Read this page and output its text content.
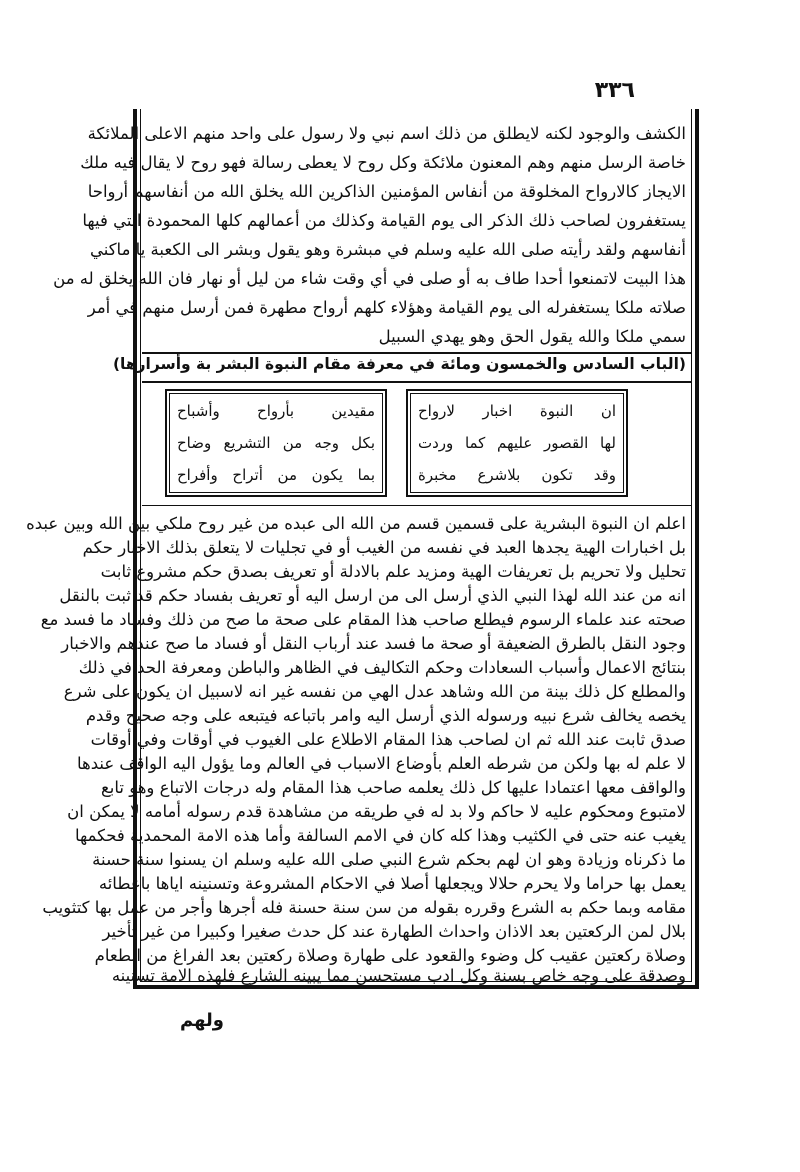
٣٣٦
الكشف والوجود لكنه لايطلق من ذلك اسم نبي ولا رسول على واحد منهم الاعلى الملائكة
خاصة الرسل منهم وهم المعنون ملائكة وكل روح لا يعطى رسالة فهو روح لا يقال فيه ملك
الايجاز كالارواح المخلوقة من أنفاس المؤمنين الذاكرين الله يخلق الله من أنفاسهم أرواحا
يستغفرون لصاحب ذلك الذكر الى يوم القيامة وكذلك من أعمالهم كلها المحمودة التي فيها
أنفاسهم ولقد رأيته صلى الله عليه وسلم في مبشرة وهو يقول وبشر الى الكعبة يا ماكني
هذا البيت لاتمنعوا أحدا طاف به أو صلى في أي وقت شاء من ليل أو نهار فان الله يخلق له من
صلاته ملكا يستغفرله الى يوم القيامة وهؤلاء كلهم أرواح مطهرة فمن أرسل منهم في أمر
سمي ملكا والله يقول الحق وهو يهدي السبيل
(الباب السادس والخمسون ومائة في معرفة مقام النبوة البشر بة وأسرارها)
ان النبوة اخبار لارواح
لها القصور عليهم كما وردت
وقد تكون بلاشرع مخبرة
مقيدين بأرواح وأشباح
بكل وجه من التشريع وضاح
بما يكون من أتراح وأفراح
اعلم ان النبوة البشرية على قسمين قسم من الله الى عبده من غير روح ملكي بين الله وبين عبده
بل اخبارات الهية يجدها العبد في نفسه من الغيب أو في تجليات لا يتعلق بذلك الاخبار حكم
تحليل ولا تحريم بل تعريفات الهية ومزيد علم بالادلة أو تعريف بصدق حكم مشروع ثابت
انه من عند الله لهذا النبي الذي أرسل الى من ارسل اليه أو تعريف بفساد حكم قد ثبت بالنقل
صحته عند علماء الرسوم فيطلع صاحب هذا المقام على صحة ما صح من ذلك وفساد ما فسد مع
وجود النقل بالطرق الضعيفة أو صحة ما فسد عند أرباب النقل أو فساد ما صح عندهم والاخبار
بنتائج الاعمال وأسباب السعادات وحكم التكاليف في الظاهر والباطن ومعرفة الحد في ذلك
والمطلع كل ذلك بينة من الله وشاهد عدل الهي من نفسه غير انه لاسبيل ان يكون على شرع
يخصه يخالف شرع نبيه ورسوله الذي أرسل اليه وامر باتباعه فيتبعه على وجه صحيح وقدم
صدق ثابت عند الله ثم ان لصاحب هذا المقام الاطلاع على الغيوب في أوقات وفي أوقات
لا علم له بها ولكن من شرطه العلم بأوضاع الاسباب في العالم وما يؤول اليه الواقف عندها
والواقف معها اعتمادا عليها كل ذلك يعلمه صاحب هذا المقام وله درجات الاتباع وهو تابع
لامتبوع ومحكوم عليه لا حاكم ولا بد له في طريقه من مشاهدة قدم رسوله أمامه لا يمكن ان
يغيب عنه حتى في الكثيب وهذا كله كان في الامم السالفة وأما هذه الامة المحمدية فحكمها
ما ذكرناه وزيادة وهو ان لهم بحكم شرع النبي صلى الله عليه وسلم ان يسنوا سنة حسنة
يعمل بها حراما ولا يحرم حلالا ويجعلها أصلا في الاحكام المشروعة وتسنينه اياها باعطائه
مقامه وبما حكم به الشرع وقرره بقوله من سن سنة حسنة فله أجرها وأجر من عمل بها كتثويب
بلال لمن الركعتين بعد الاذان واحداث الطهارة عند كل حدث صغيرا وكبيرا من غير تأخير
وصلاة ركعتين عقيب كل وضوء والقعود على طهارة وصلاة ركعتين بعد الفراغ من الطعام
وصدقة على وجه خاص بسنة وكل ادب مستحسن مما يبينه الشارع فلهذه الامة تسنينه
ولهم
